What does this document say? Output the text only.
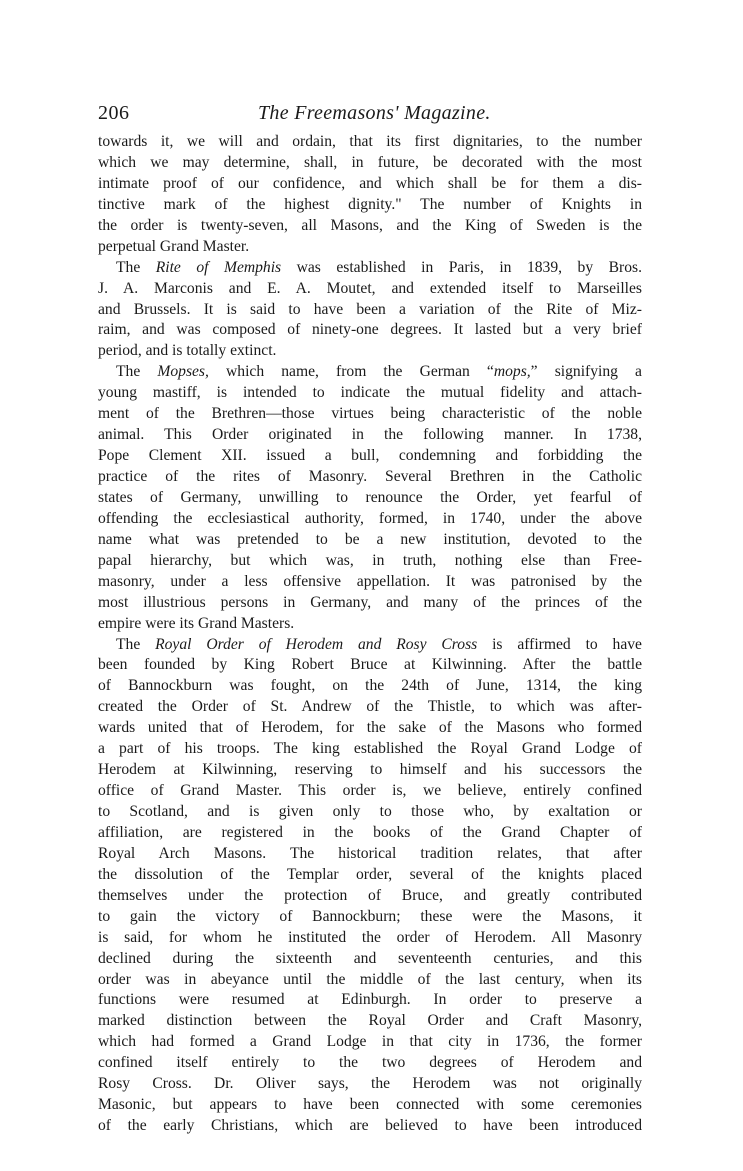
206	The Freemasons' Magazine.
towards it, we will and ordain, that its first dignitaries, to the number
which we may determine, shall, in future, be decorated with the most
intimate proof of our confidence, and which shall be for them a dis-
tinctive mark of the highest dignity." The number of Knights in
the order is twenty-seven, all Masons, and the King of Sweden is the
perpetual Grand Master.
The Rite of Memphis was established in Paris, in 1839, by Bros.
J. A. Marconis and E. A. Moutet, and extended itself to Marseilles
and Brussels. It is said to have been a variation of the Rite of Miz-
raim, and was composed of ninety-one degrees. It lasted but a very brief
period, and is totally extinct.
The Mopses, which name, from the German “mops,” signifying a
young mastiff, is intended to indicate the mutual fidelity and attach-
ment of the Brethren—those virtues being characteristic of the noble
animal. This Order originated in the following manner. In 1738,
Pope Clement XII. issued a bull, condemning and forbidding the
practice of the rites of Masonry. Several Brethren in the Catholic
states of Germany, unwilling to renounce the Order, yet fearful of
offending the ecclesiastical authority, formed, in 1740, under the above
name what was pretended to be a new institution, devoted to the
papal hierarchy, but which was, in truth, nothing else than Free-
masonry, under a less offensive appellation. It was patronised by the
most illustrious persons in Germany, and many of the princes of the
empire were its Grand Masters.
The Royal Order of Herodem and Rosy Cross is affirmed to have
been founded by King Robert Bruce at Kilwinning. After the battle
of Bannockburn was fought, on the 24th of June, 1314, the king
created the Order of St. Andrew of the Thistle, to which was after-
wards united that of Herodem, for the sake of the Masons who formed
a part of his troops. The king established the Royal Grand Lodge of
Herodem at Kilwinning, reserving to himself and his successors the
office of Grand Master. This order is, we believe, entirely confined
to Scotland, and is given only to those who, by exaltation or
affiliation, are registered in the books of the Grand Chapter of
Royal Arch Masons. The historical tradition relates, that after
the dissolution of the Templar order, several of the knights placed
themselves under the protection of Bruce, and greatly contributed
to gain the victory of Bannockburn; these were the Masons, it
is said, for whom he instituted the order of Herodem. All Masonry
declined during the sixteenth and seventeenth centuries, and this
order was in abeyance until the middle of the last century, when its
functions were resumed at Edinburgh. In order to preserve a
marked distinction between the Royal Order and Craft Masonry,
which had formed a Grand Lodge in that city in 1736, the former
confined itself entirely to the two degrees of Herodem and
Rosy Cross. Dr. Oliver says, the Herodem was not originally
Masonic, but appears to have been connected with some ceremonies
of the early Christians, which are believed to have been introduced
